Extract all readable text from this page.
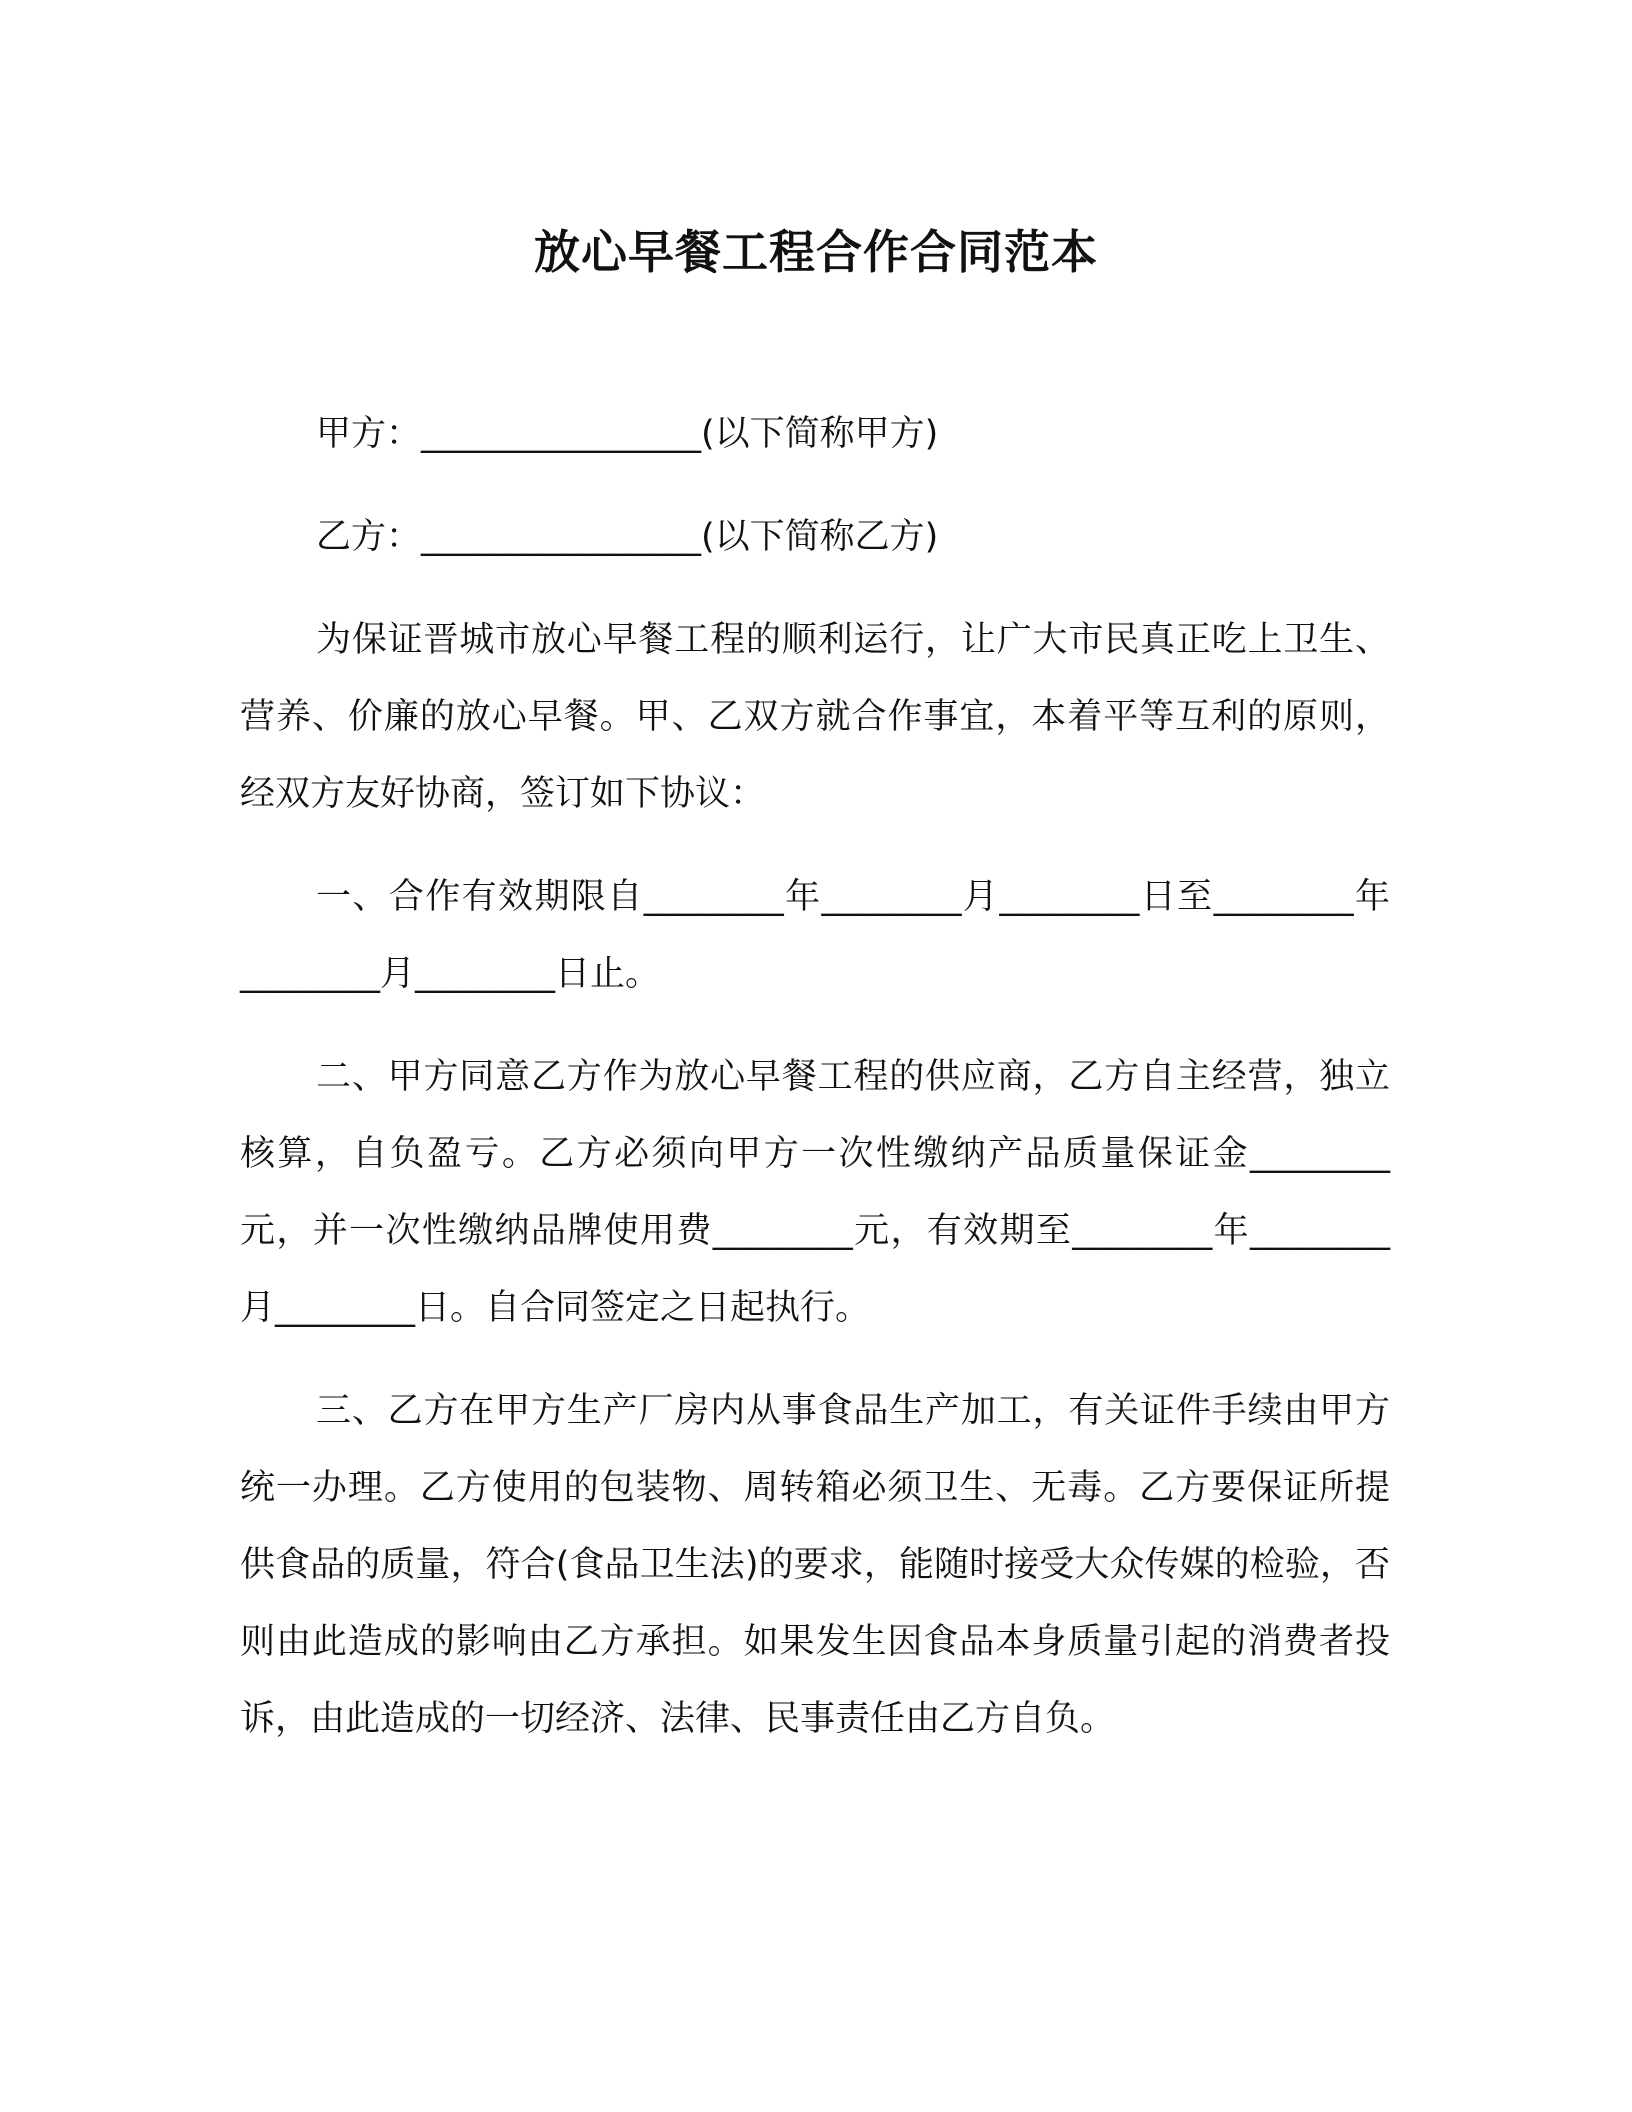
放心早餐工程合作合同范本

甲方：________________(以下简称甲方)

乙方：________________(以下简称乙方)

为保证晋城市放心早餐工程的顺利运行，让广大市民真正吃上卫生、营养、价廉的放心早餐。甲、乙双方就合作事宜，本着平等互利的原则，经双方友好协商，签订如下协议：

一、合作有效期限自________年________月________日至________年________月________日止。

二、甲方同意乙方作为放心早餐工程的供应商，乙方自主经营，独立核算，自负盈亏。乙方必须向甲方一次性缴纳产品质量保证金________元，并一次性缴纳品牌使用费________元，有效期至________年________月________日。自合同签定之日起执行。

三、乙方在甲方生产厂房内从事食品生产加工，有关证件手续由甲方统一办理。乙方使用的包装物、周转箱必须卫生、无毒。乙方要保证所提供食品的质量，符合(食品卫生法)的要求，能随时接受大众传媒的检验，否则由此造成的影响由乙方承担。如果发生因食品本身质量引起的消费者投诉，由此造成的一切经济、法律、民事责任由乙方自负。
